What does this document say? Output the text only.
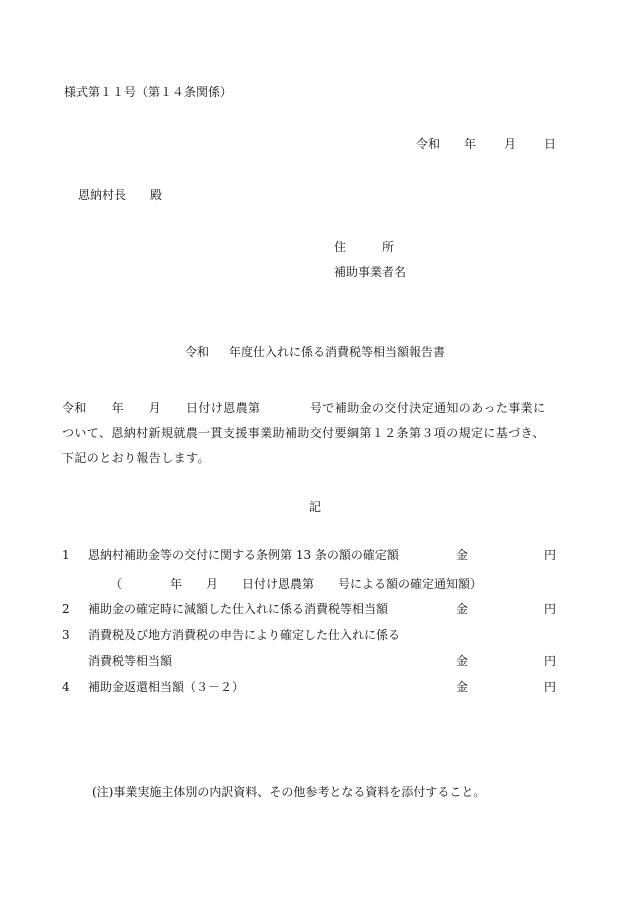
様式第１１号（第１４条関係）
令和 年 月 日
恩納村長 殿
住	所
補助事業者名
令和 年度仕入れに係る消費税等相当額報告書
令和　　年　　月　　日付け恩農第　　　　号で補助金の交付決定通知のあった事業について、恩納村新規就農一貫支援事業助補助交付要綱第１２条第３項の規定に基づき、下記のとおり報告します。
記
1 恩納村補助金等の交付に関する条例第 13 条の額の確定額	金	円
（　　　　年　　月　　日付け恩農第　　号による額の確定通知額）
2 補助金の確定時に減額した仕入れに係る消費税等相当額	金	円
3 消費税及び地方消費税の申告により確定した仕入れに係る
消費税等相当額	金	円
4 補助金返還相当額（３－２）	金	円
(注)事業実施主体別の内訳資料、その他参考となる資料を添付すること。
